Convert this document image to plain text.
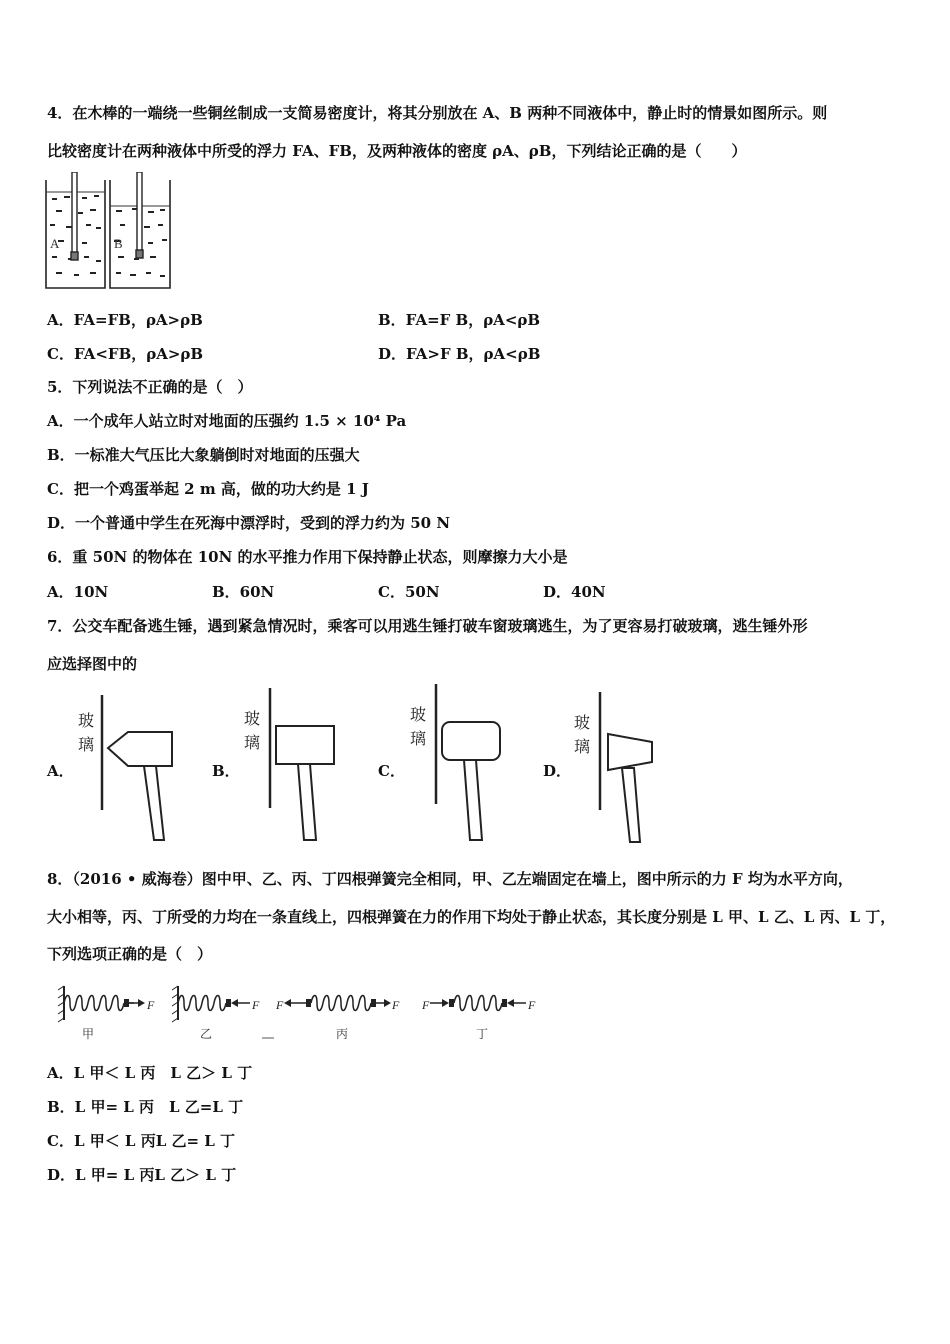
4．在木棒的一端绕一些铜丝制成一支简易密度计，将其分别放在 A、B 两种不同液体中，静止时的情景如图所示。则
比较密度计在两种液体中所受的浮力 FA、FB，及两种液体的密度 ρA、ρB，下列结论正确的是（　　）
A	B
A．FA=FB，ρA>ρB	B．FA=F B，ρA<ρB
C．FA<FB，ρA>ρB	D．FA>F B，ρA<ρB
5．下列说法不正确的是（　）
A．一个成年人站立时对地面的压强约 1.5 × 10⁴ Pa
B．一标准大气压比大象躺倒时对地面的压强大
C．把一个鸡蛋举起 2 m 高，做的功大约是 1 J
D．一个普通中学生在死海中漂浮时，受到的浮力约为 50 N
6．重 50N 的物体在 10N 的水平推力作用下保持静止状态，则摩擦力大小是
A．10N	B．60N	C．50N	D．40N
7．公交车配备逃生锤，遇到紧急情况时，乘客可以用逃生锤打破车窗玻璃逃生，为了更容易打破玻璃，逃生锤外形
应选择图中的
A．
玻
璃
B．
玻
璃
C．
玻
璃
D．
玻
璃
8．（2016 • 威海卷）图中甲、乙、丙、丁四根弹簧完全相同，甲、乙左端固定在墙上，图中所示的力 F 均为水平方向，
大小相等，丙、丁所受的力均在一条直线上，四根弹簧在力的作用下均处于静止状态，其长度分别是 L 甲、L 乙、L 丙、L 丁，
下列选项正确的是（　）
F
甲
F
乙
F	F
丙
F	F
丁
A．L 甲＜ L 丙　L 乙＞ L 丁
B．L 甲= L 丙　L 乙=L 丁
C．L 甲＜ L 丙L 乙= L 丁
D．L 甲= L 丙L 乙＞ L 丁
